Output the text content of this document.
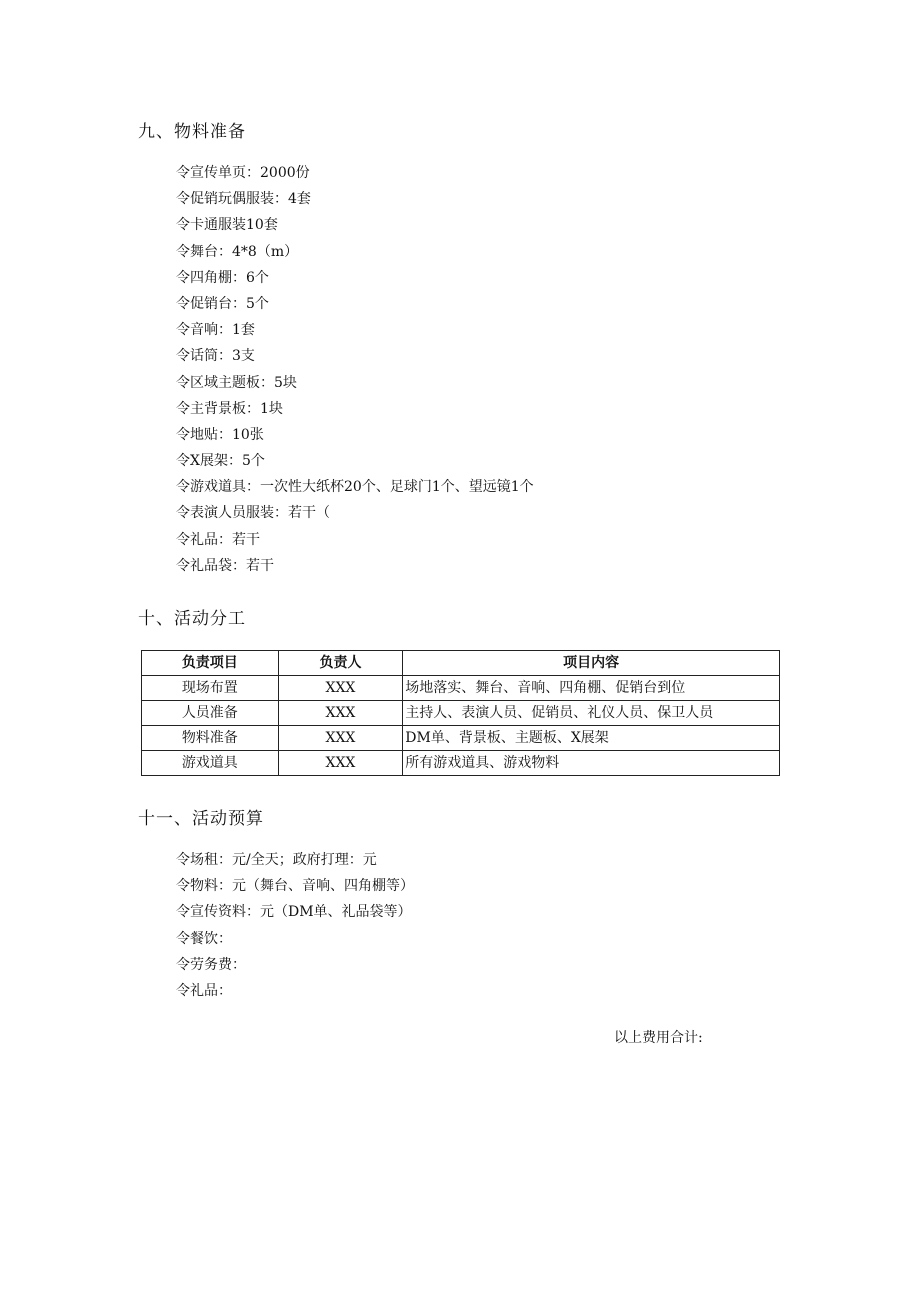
九、物料准备
令宣传单页：2000份
令促销玩偶服装：4套
令卡通服装10套
令舞台：4*8（m）
令四角棚：6个
令促销台：5个
令音响：1套
令话筒：3支
令区域主题板：5块
令主背景板：1块
令地贴：10张
令X展架：5个
令游戏道具：一次性大纸杯20个、足球门1个、望远镜1个
令表演人员服装：若干（
令礼品：若干
令礼品袋：若干
十、活动分工
负责项目	负责人	项目内容
现场布置	XXX	场地落实、舞台、音响、四角棚、促销台到位
人员准备	XXX	主持人、表演人员、促销员、礼仪人员、保卫人员
物料准备	XXX	DM单、背景板、主题板、X展架
游戏道具	XXX	所有游戏道具、游戏物料
十一、活动预算
令场租：元/全天；政府打理：元
令物料：元（舞台、音响、四角棚等）
令宣传资料：元（DM单、礼品袋等）
令餐饮：
令劳务费：
令礼品：
以上费用合计:
